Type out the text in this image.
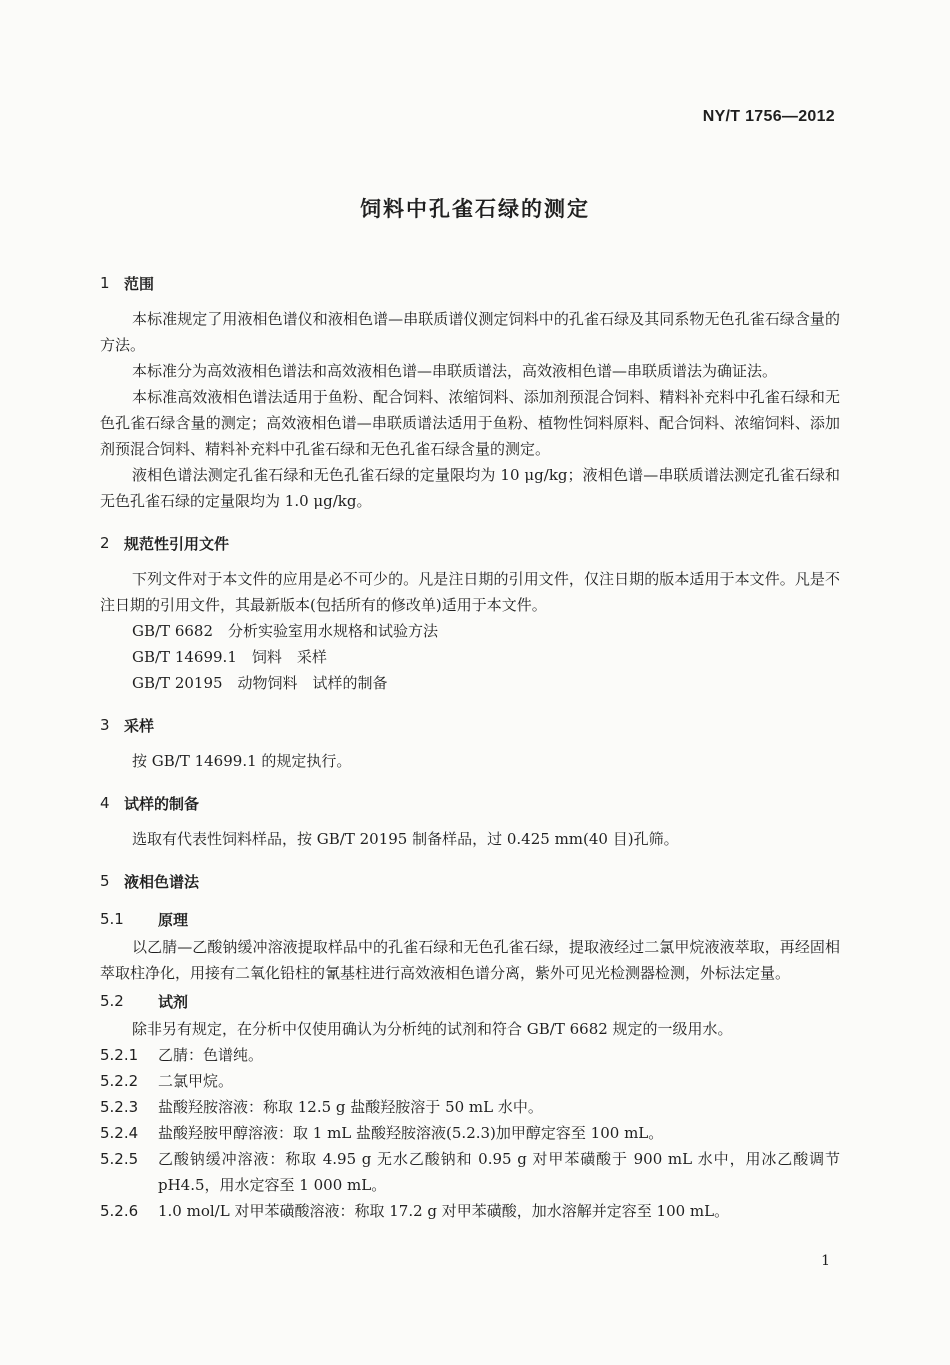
NY/T 1756—2012
饲料中孔雀石绿的测定
1 范围

本标准规定了用液相色谱仪和液相色谱—串联质谱仪测定饲料中的孔雀石绿及其同系物无色孔雀石绿含量的方法。

本标准分为高效液相色谱法和高效液相色谱—串联质谱法，高效液相色谱—串联质谱法为确证法。

本标准高效液相色谱法适用于鱼粉、配合饲料、浓缩饲料、添加剂预混合饲料、精料补充料中孔雀石绿和无色孔雀石绿含量的测定；高效液相色谱—串联质谱法适用于鱼粉、植物性饲料原料、配合饲料、浓缩饲料、添加剂预混合饲料、精料补充料中孔雀石绿和无色孔雀石绿含量的测定。

液相色谱法测定孔雀石绿和无色孔雀石绿的定量限均为 10 μg/kg；液相色谱—串联质谱法测定孔雀石绿和无色孔雀石绿的定量限均为 1.0 μg/kg。

2 规范性引用文件

下列文件对于本文件的应用是必不可少的。凡是注日期的引用文件，仅注日期的版本适用于本文件。凡是不注日期的引用文件，其最新版本(包括所有的修改单)适用于本文件。

GB/T 6682　分析实验室用水规格和试验方法
GB/T 14699.1　饲料　采样
GB/T 20195　动物饲料　试样的制备
3 采样

按 GB/T 14699.1 的规定执行。

4 试样的制备

选取有代表性饲料样品，按 GB/T 20195 制备样品，过 0.425 mm(40 目)孔筛。

5 液相色谱法
5.1	原理

以乙腈—乙酸钠缓冲溶液提取样品中的孔雀石绿和无色孔雀石绿，提取液经过二氯甲烷液液萃取，再经固相萃取柱净化，用接有二氧化铅柱的氰基柱进行高效液相色谱分离，紫外可见光检测器检测，外标法定量。

5.2	试剂

除非另有规定，在分析中仅使用确认为分析纯的试剂和符合 GB/T 6682 规定的一级用水。

5.2.1	乙腈：色谱纯。
5.2.2	二氯甲烷。
5.2.3	盐酸羟胺溶液：称取 12.5 g 盐酸羟胺溶于 50 mL 水中。
5.2.4	盐酸羟胺甲醇溶液：取 1 mL 盐酸羟胺溶液(5.2.3)加甲醇定容至 100 mL。
5.2.5	乙酸钠缓冲溶液：称取 4.95 g 无水乙酸钠和 0.95 g 对甲苯磺酸于 900 mL 水中，用冰乙酸调节 pH4.5，用水定容至 1 000 mL。
5.2.6	1.0 mol/L 对甲苯磺酸溶液：称取 17.2 g 对甲苯磺酸，加水溶解并定容至 100 mL。
1
